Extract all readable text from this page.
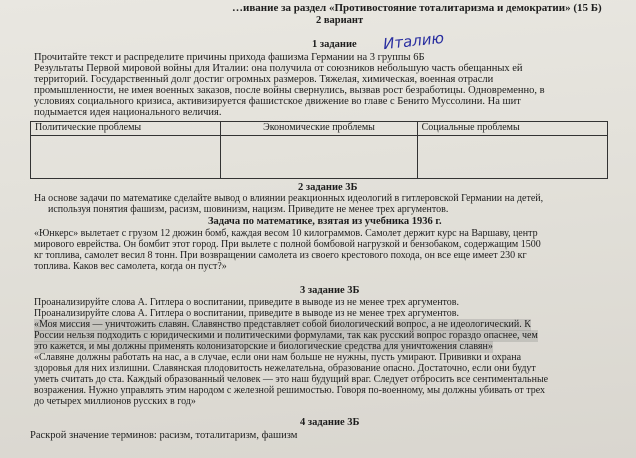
…ивание за раздел «Противостояние тоталитаризма и демократии» (15 Б)
2 вариант
1 задание Италию
Прочитайте текст и распределите причины прихода фашизма Германии на 3 группы 6Б
Результаты Первой мировой войны для Италии: она получила от союзников небольшую часть обещанных ей
территорий. Государственный долг достиг огромных размеров. Тяжелая, химическая, военная отрасли
промышленности, не имея военных заказов, после войны свернулись, вызвав рост безработицы. Одновременно, в
условиях социального кризиса, активизируется фашистское движение во главе с Бенито Муссолини. На шит
подымается идея национального величия.
Политические проблемы	Экономические проблемы	Социальные проблемы

2 задание 3Б
На основе задачи по математике сделайте вывод о влиянии реакционных идеологий в гитлеровской Германии на детей,
используя понятия фашизм, расизм, шовинизм, нацизм. Приведите не менее трех аргументов.
Задача по математике, взятая из учебника 1936 г.
«Юнкерс» вылетает с грузом 12 дюжин бомб, каждая весом 10 килограммов. Самолет держит курс на Варшаву, центр
мирового еврейства. Он бомбит этот город. При вылете с полной бомбовой нагрузкой и бензобаком, содержащим 1500
кг топлива, самолет весил 8 тонн. При возвращении самолета из своего крестового похода, он все еще имеет 230 кг
топлива. Каков вес самолета, когда он пуст?»
3 задание 3Б
Проанализируйте слова А. Гитлера о воспитании, приведите в выводе из не менее трех аргументов.
Проанализируйте слова А. Гитлера о воспитании, приведите в выводе из не менее трех аргументов.
«Моя миссия — уничтожить славян. Славянство представляет собой биологический вопрос, а не идеологический. К
России нельзя подходить с юридическими и политическими формулами, так как русский вопрос гораздо опаснее, чем
это кажется, и мы должны применять колонизаторские и биологические средства для уничтожения славян»
«Славяне должны работать на нас, а в случае, если они нам больше не нужны, пусть умирают. Прививки и охрана
здоровья для них излишни. Славянская плодовитость нежелательна, образование опасно. Достаточно, если они будут
уметь считать до ста. Каждый образованный человек — это наш будущий враг. Следует отбросить все сентиментальные
возражения. Нужно управлять этим народом с железной решимостью. Говоря по-военному, мы должны убивать от трех
до четырех миллионов русских в год»
4 задание 3Б
Раскрой значение терминов: расизм, тоталитаризм, фашизм
